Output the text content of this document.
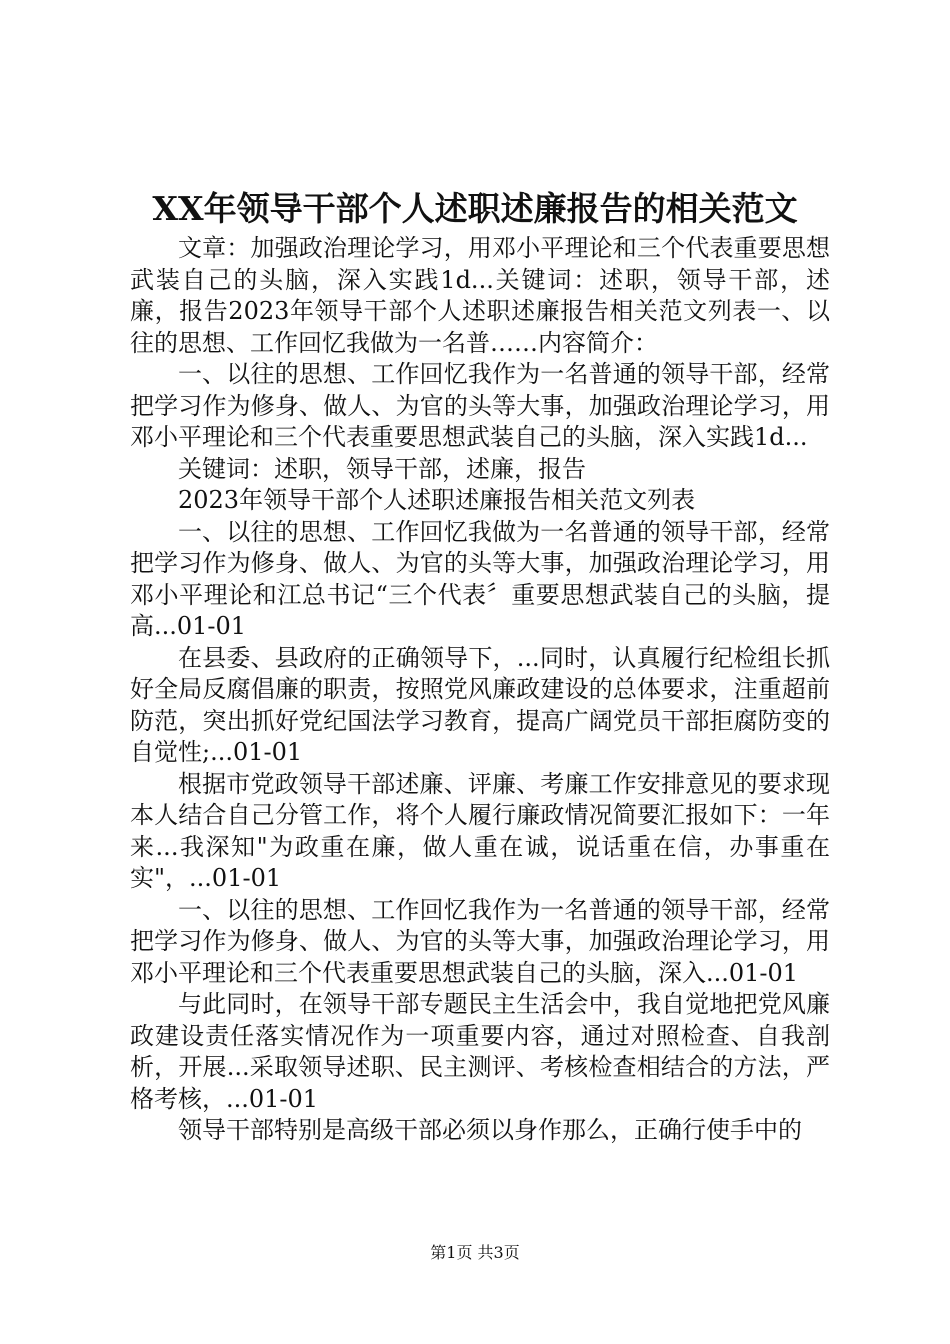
XX年领导干部个人述职述廉报告的相关范文

文章：加强政治理论学习，用邓小平理论和三个代表重要思想武装自己的头脑，深入实践1d...关键词：述职，领导干部，述廉，报告2023年领导干部个人述职述廉报告相关范文列表一、以往的思想、工作回忆我做为一名普……内容简介：

一、以往的思想、工作回忆我作为一名普通的领导干部，经常把学习作为修身、做人、为官的头等大事，加强政治理论学习，用邓小平理论和三个代表重要思想武装自己的头脑，深入实践1d...

关键词：述职，领导干部，述廉，报告

2023年领导干部个人述职述廉报告相关范文列表

一、以往的思想、工作回忆我做为一名普通的领导干部，经常把学习作为修身、做人、为官的头等大事，加强政治理论学习，用邓小平理论和江总书记“三个代表〞重要思想武装自己的头脑，提高...01-01

在县委、县政府的正确领导下，...同时，认真履行纪检组长抓好全局反腐倡廉的职责，按照党风廉政建设的总体要求，注重超前防范，突出抓好党纪国法学习教育，提高广阔党员干部拒腐防变的自觉性;...01-01

根据市党政领导干部述廉、评廉、考廉工作安排意见的要求现本人结合自己分管工作，将个人履行廉政情况简要汇报如下：一年来...我深知"为政重在廉，做人重在诚，说话重在信，办事重在实"，...01-01

一、以往的思想、工作回忆我作为一名普通的领导干部，经常把学习作为修身、做人、为官的头等大事，加强政治理论学习，用邓小平理论和三个代表重要思想武装自己的头脑，深入...01-01

与此同时，在领导干部专题民主生活会中，我自觉地把党风廉政建设责任落实情况作为一项重要内容，通过对照检查、自我剖析，开展...采取领导述职、民主测评、考核检查相结合的方法，严格考核，...01-01

领导干部特别是高级干部必须以身作那么，正确行使手中的

第1页 共3页
